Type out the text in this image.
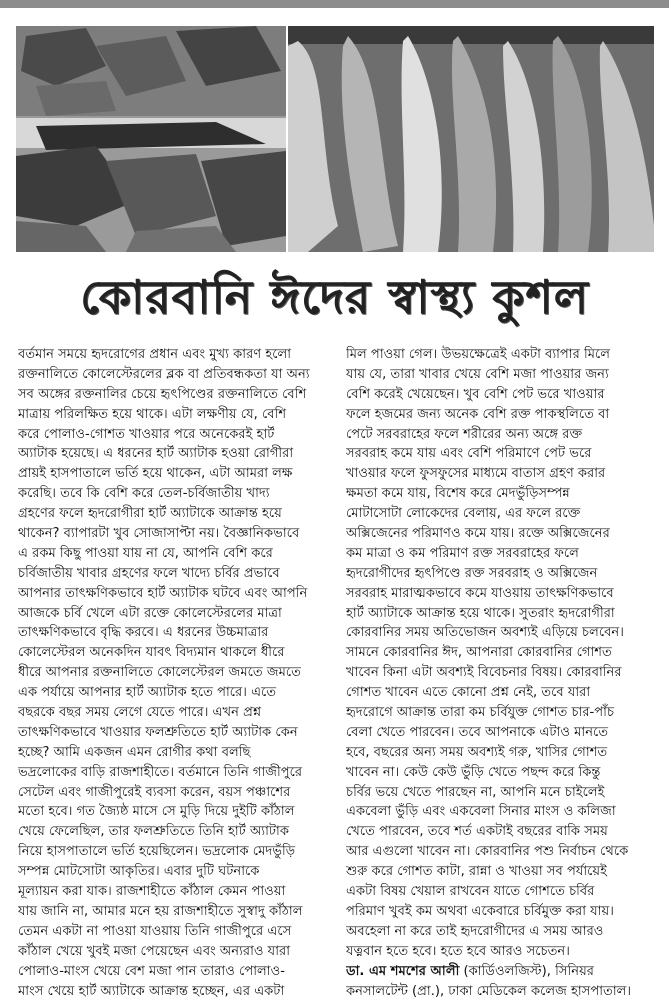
কোরবানি ঈদের স্বাস্থ্য কুশল
বর্তমান সময়ে হৃদরোগের প্রধান এবং মুখ্য কারণ হলো
রক্তনালিতে কোলেস্টেরলের ব্লক বা প্রতিবন্ধকতা যা অন্য
সব অঙ্গের রক্তনালির চেয়ে হৃৎপিণ্ডের রক্তনালিতে বেশি
মাত্রায় পরিলক্ষিত হয়ে থাকে। এটা লক্ষণীয় যে, বেশি
করে পোলাও-গোশত খাওয়ার পরে অনেকেরই হার্ট
অ্যাটাক হয়েছে। এ ধরনের হার্ট অ্যাটাক হওয়া রোগীরা
প্রায়ই হাসপাতালে ভর্তি হয়ে থাকেন, এটা আমরা লক্ষ
করেছি। তবে কি বেশি করে তেল-চর্বিজাতীয় খাদ্য
গ্রহণের ফলে হৃদরোগীরা হার্ট অ্যাটাকে আক্রান্ত হয়ে
থাকেন? ব্যাপারটা খুব সোজাসাপ্টা নয়। বৈজ্ঞানিকভাবে
এ রকম কিছু পাওয়া যায় না যে, আপনি বেশি করে
চর্বিজাতীয় খাবার গ্রহণের ফলে খাদ্যে চর্বির প্রভাবে
আপনার তাৎক্ষণিকভাবে হার্ট অ্যাটাক ঘটবে এবং আপনি
আজকে চর্বি খেলে এটা রক্তে কোলেস্টেরলের মাত্রা
তাৎক্ষণিকভাবে বৃদ্ধি করবে। এ ধরনের উচ্চমাত্রার
কোলেস্টেরল অনেকদিন যাবৎ বিদ্যমান থাকলে ধীরে
ধীরে আপনার রক্তনালিতে কোলেস্টেরল জমতে জমতে
এক পর্যায়ে আপনার হার্ট অ্যাটাক হতে পারে। এতে
বছরকে বছর সময় লেগে যেতে পারে। এখন প্রশ্ন
তাৎক্ষণিকভাবে খাওয়ার ফলশ্রুতিতে হার্ট অ্যাটাক কেন
হচ্ছে? আমি একজন এমন রোগীর কথা বলছি
ভদ্রলোকের বাড়ি রাজশাহীতে। বর্তমানে তিনি গাজীপুরে
সেটেল এবং গাজীপুরেই ব্যবসা করেন, বয়স পঞ্চাশের
মতো হবে। গত জ্যৈষ্ঠ মাসে সে মুড়ি দিয়ে দুইটি কাঁঠাল
খেয়ে ফেলেছিল, তার ফলশ্রুতিতে তিনি হার্ট অ্যাটাক
নিয়ে হাসপাতালে ভর্তি হয়েছিলেন। ভদ্রলোক মেদভুঁড়ি
সম্পন্ন মোটসোটা আকৃতির। এবার দুটি ঘটনাকে
মূল্যায়ন করা যাক। রাজশাহীতে কাঁঠাল কেমন পাওয়া
যায় জানি না, আমার মনে হয় রাজশাহীতে সুস্বাদু কাঁঠাল
তেমন একটা না পাওয়া যাওয়ায় তিনি গাজীপুরে এসে
কাঁঠাল খেয়ে খুবই মজা পেয়েছেন এবং অন্যরাও যারা
পোলাও-মাংস খেয়ে বেশ মজা পান তারাও পোলাও-
মাংস খেয়ে হার্ট অ্যাটাকে আক্রান্ত হচ্ছেন, এর একটা
মিল পাওয়া গেল। উভয়ক্ষেত্রেই একটা ব্যাপার মিলে
যায় যে, তারা খাবার খেয়ে বেশি মজা পাওয়ার জন্য
বেশি করেই খেয়েছেন। খুব বেশি পেট ভরে খাওয়ার
ফলে হজমের জন্য অনেক বেশি রক্ত পাকস্থলিতে বা
পেটে সরবরাহের ফলে শরীরের অন্য অঙ্গে রক্ত
সরবরাহ কমে যায় এবং বেশি পরিমাণে পেট ভরে
খাওয়ার ফলে ফুসফুসের মাধ্যমে বাতাস গ্রহণ করার
ক্ষমতা কমে যায়, বিশেষ করে মেদভুঁড়িসম্পন্ন
মোটাসোটা লোকেদের বেলায়, এর ফলে রক্তে
অক্সিজেনের পরিমাণও কমে যায়। রক্তে অক্সিজেনের
কম মাত্রা ও কম পরিমাণ রক্ত সরবরাহের ফলে
হৃদরোগীদের হৃৎপিণ্ডে রক্ত সরবরাহ ও অক্সিজেন
সরবরাহ মারাত্মকভাবে কমে যাওয়ায় তাৎক্ষণিকভাবে
হার্ট অ্যাটাকে আক্রান্ত হয়ে থাকে। সুতরাং হৃদরোগীরা
কোরবানির সময় অতিভোজন অবশ্যই এড়িয়ে চলবেন।
সামনে কোরবানির ঈদ, আপনারা কোরবানির গোশত
খাবেন কিনা এটা অবশ্যই বিবেচনার বিষয়। কোরবানির
গোশত খাবেন এতে কোনো প্রশ্ন নেই, তবে যারা
হৃদরোগে আক্রান্ত তারা কম চর্বিযুক্ত গোশত চার-পাঁচ
বেলা খেতে পারবেন। তবে আপনাকে এটাও মানতে
হবে, বছরের অন্য সময় অবশ্যই গরু, খাসির গোশত
খাবেন না। কেউ কেউ ভুঁড়ি খেতে পছন্দ করে কিন্তু
চর্বির ভয়ে খেতে পারছেন না, আপনি মনে চাইলেই
একবেলা ভুঁড়ি এবং একবেলা সিনার মাংস ও কলিজা
খেতে পারবেন, তবে শর্ত একটাই বছরের বাকি সময়
আর এগুলো খাবেন না। কোরবানির পশু নির্বাচন থেকে
শুরু করে গোশত কাটা, রান্না ও খাওয়া সব পর্যায়েই
একটা বিষয় খেয়াল রাখবেন যাতে গোশতে চর্বির
পরিমাণ খুবই কম অথবা একেবারে চর্বিমুক্ত করা যায়।
অবহেলা না করে তাই হৃদরোগীদের এ সময় আরও
যত্নবান হতে হবে। হতে হবে আরও সচেতন।
ডা. এম শমশের আলী (কার্ডিওলজিস্ট), সিনিয়র
কনসালটেন্ট (প্রা.), ঢাকা মেডিকেল কলেজ হাসপাতাল।
